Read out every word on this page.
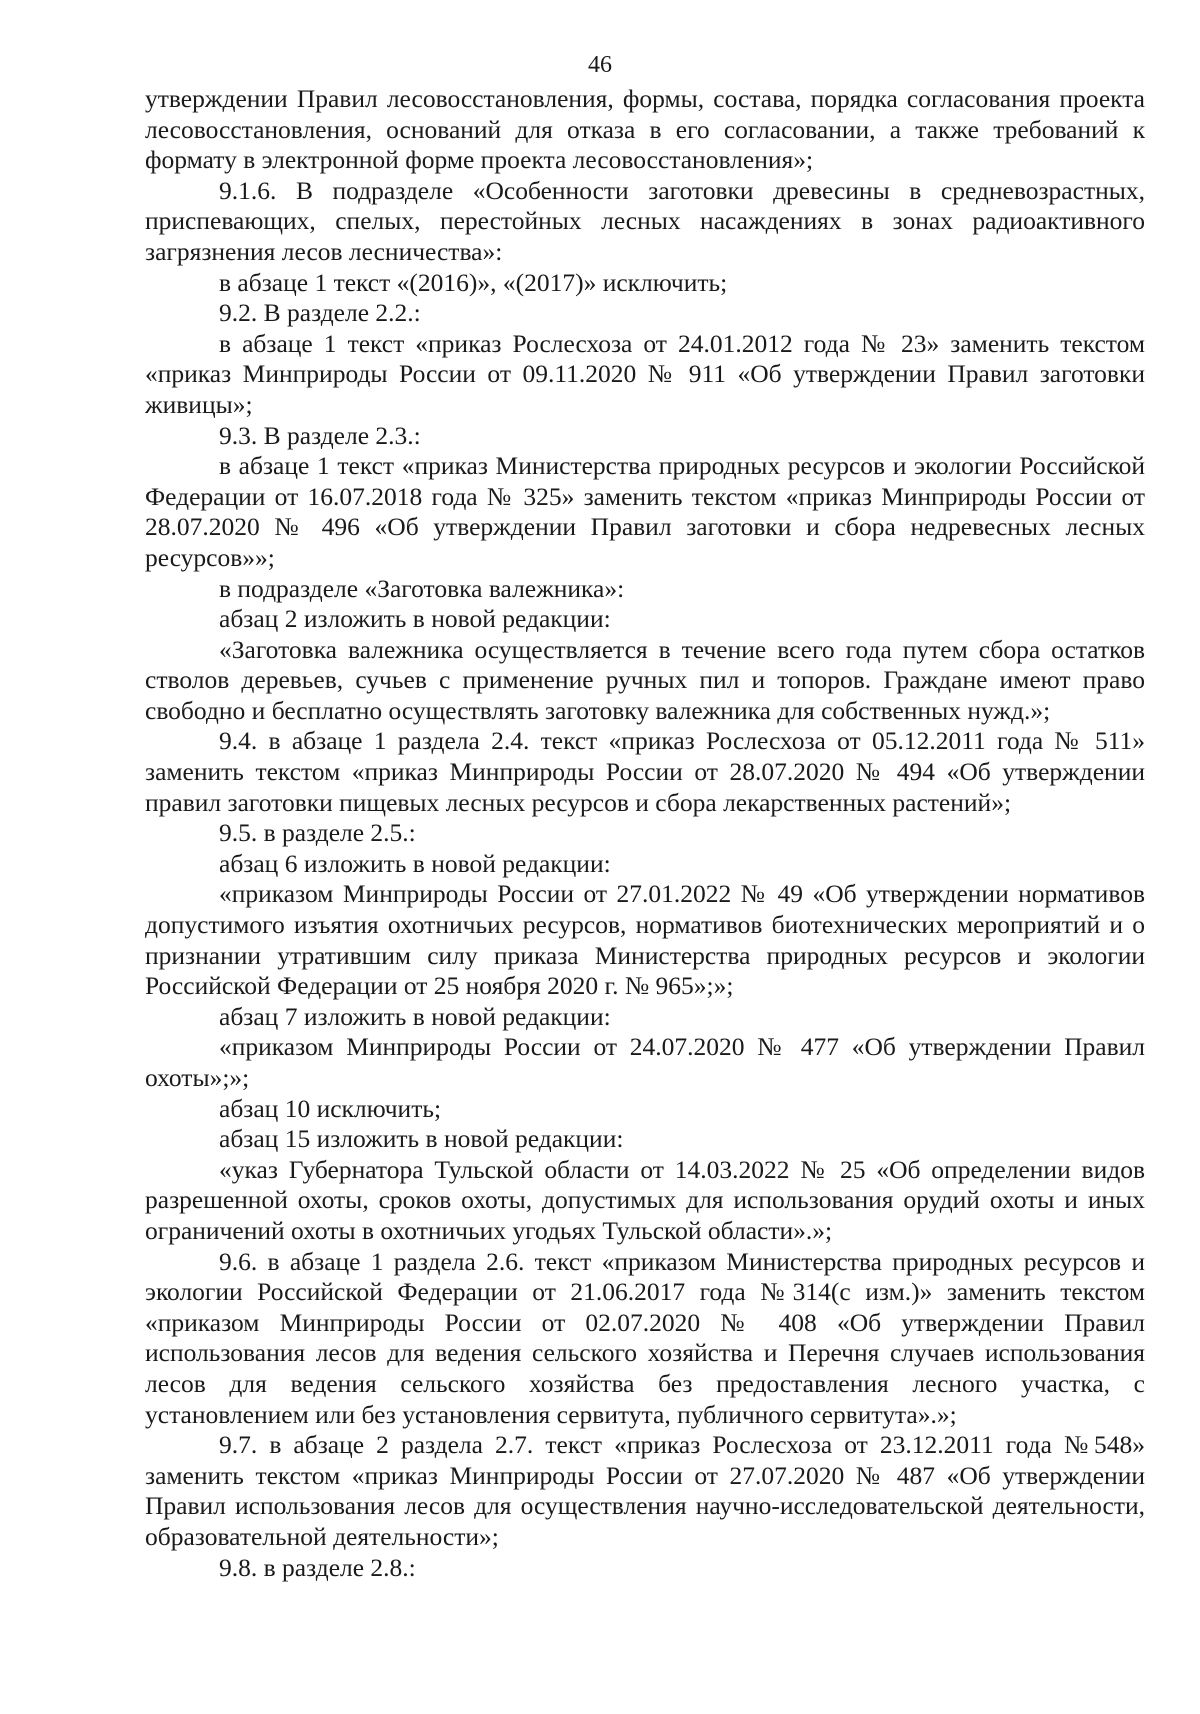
46

утверждении Правил лесовосстановления, формы, состава, порядка согласования проекта лесовосстановления, оснований для отказа в его согласовании, а также требований к формату в электронной форме проекта лесовосстановления»;

9.1.6. В подразделе «Особенности заготовки древесины в средневозрастных, приспевающих, спелых, перестойных лесных насаждениях в зонах радиоактивного загрязнения лесов лесничества»:

в абзаце 1 текст «(2016)», «(2017)» исключить;

9.2. В разделе 2.2.:

в абзаце 1 текст «приказ Рослесхоза от 24.01.2012 года № 23» заменить текстом «приказ Минприроды России от 09.11.2020 № 911 «Об утверждении Правил заготовки живицы»;

9.3. В разделе 2.3.:

в абзаце 1 текст «приказ Министерства природных ресурсов и экологии Российской Федерации от 16.07.2018 года № 325» заменить текстом «приказ Минприроды России от 28.07.2020 № 496 «Об утверждении Правил заготовки и сбора недревесных лесных ресурсов»»;

в подразделе «Заготовка валежника»:

абзац 2 изложить в новой редакции:

«Заготовка валежника осуществляется в течение всего года путем сбора остатков стволов деревьев, сучьев с применение ручных пил и топоров. Граждане имеют право свободно и бесплатно осуществлять заготовку валежника для собственных нужд.»;

9.4. в абзаце 1 раздела 2.4. текст «приказ Рослесхоза от 05.12.2011 года № 511» заменить текстом «приказ Минприроды России от 28.07.2020 № 494 «Об утверждении правил заготовки пищевых лесных ресурсов и сбора лекарственных растений»;

9.5. в разделе 2.5.:

абзац 6 изложить в новой редакции:

«приказом Минприроды России от 27.01.2022 № 49 «Об утверждении нормативов допустимого изъятия охотничьих ресурсов, нормативов биотехнических мероприятий и о признании утратившим силу приказа Министерства природных ресурсов и экологии Российской Федерации от 25 ноября 2020 г. № 965»;»;

абзац 7 изложить в новой редакции:

«приказом Минприроды России от 24.07.2020 № 477 «Об утверждении Правил охоты»;»;

абзац 10 исключить;

абзац 15 изложить в новой редакции:

«указ Губернатора Тульской области от 14.03.2022 № 25 «Об определении видов разрешенной охоты, сроков охоты, допустимых для использования орудий охоты и иных ограничений охоты в охотничьих угодьях Тульской области».»;

9.6. в абзаце 1 раздела 2.6. текст «приказом Министерства природных ресурсов и экологии Российской Федерации от 21.06.2017 года №314(с изм.)» заменить текстом «приказом Минприроды России от 02.07.2020 № 408 «Об утверждении Правил использования лесов для ведения сельского хозяйства и Перечня случаев использования лесов для ведения сельского хозяйства без предоставления лесного участка, с установлением или без установления сервитута, публичного сервитута».»;

9.7. в абзаце 2 раздела 2.7. текст «приказ Рослесхоза от 23.12.2011 года №548» заменить текстом «приказ Минприроды России от 27.07.2020 № 487 «Об утверждении Правил использования лесов для осуществления научно-исследовательской деятельности, образовательной деятельности»;

9.8. в разделе 2.8.:
